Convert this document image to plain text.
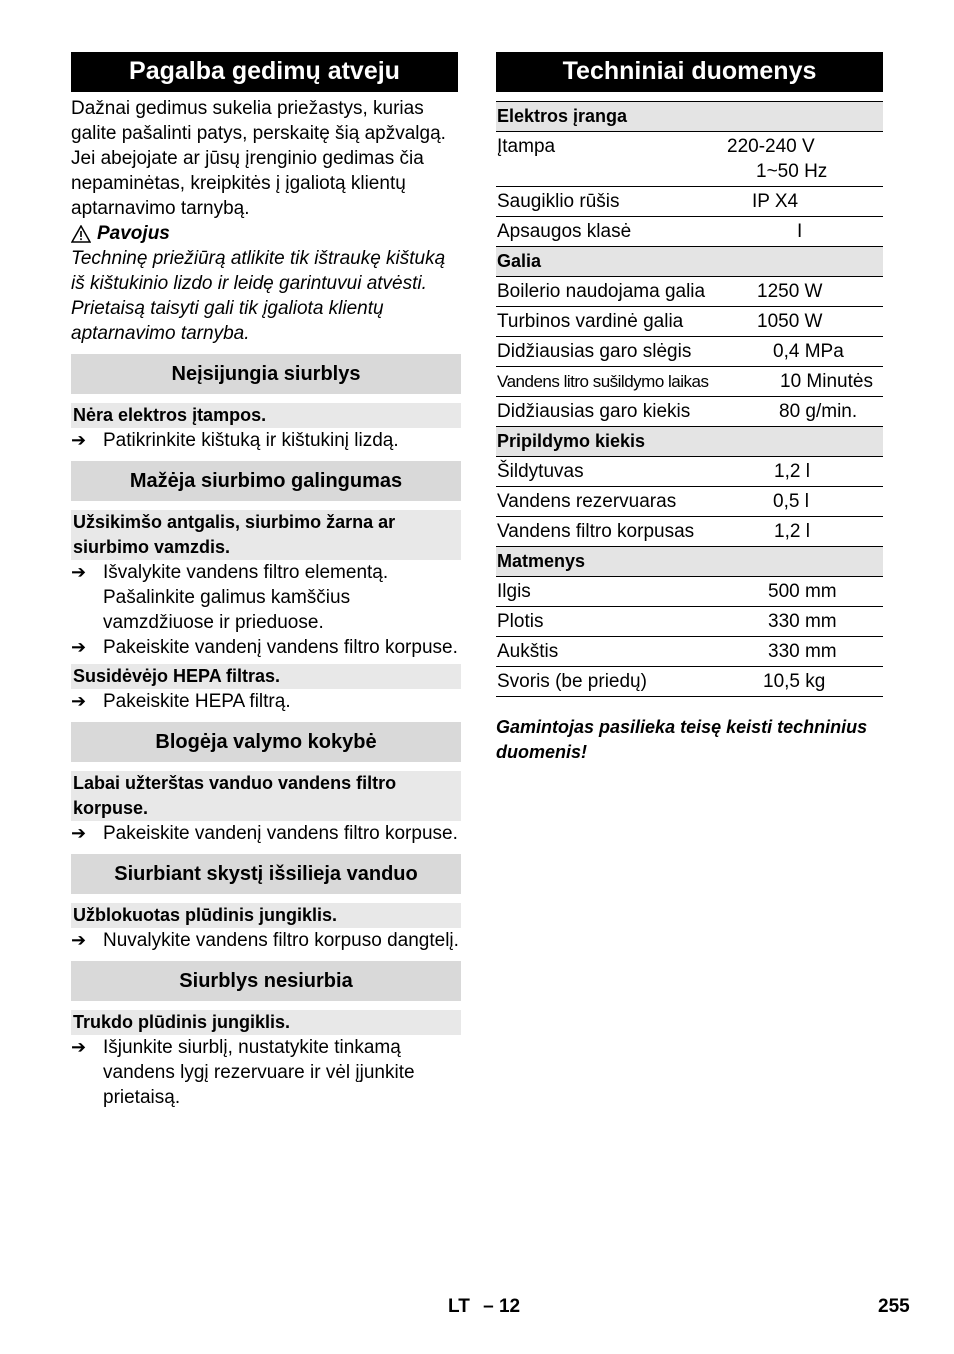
Pagalba gedimų atveju

Dažnai gedimus sukelia priežastys, kurias galite pašalinti patys, perskaitę šią apžvalgą. Jei abejojate ar jūsų įrenginio gedimas čia nepaminėtas, kreipkitės į įgaliotą klientų aptarnavimo tarnybą.

Pavojus

Techninę priežiūrą atlikite tik ištraukę kištuką iš kištukinio lizdo ir leidę garintuvui atvėsti.

Prietaisą taisyti gali tik įgaliota klientų aptarnavimo tarnyba.

Neįsijungia siurblys
Nėra elektros įtampos.
➔ Patikrinkite kištuką ir kištukinį lizdą.
Mažėja siurbimo galingumas
Užsikimšo antgalis, siurbimo žarna ar siurbimo vamzdis.
➔ Išvalykite vandens filtro elementą. Pašalinkite galimus kamščius vamzdžiuose ir prieduose.
➔ Pakeiskite vandenį vandens filtro korpuse.
Susidėvėjo HEPA filtras.
➔ Pakeiskite HEPA filtrą.
Blogėja valymo kokybė
Labai užterštas vanduo vandens filtro korpuse.
➔ Pakeiskite vandenį vandens filtro korpuse.
Siurbiant skystį išsilieja vanduo
Užblokuotas plūdinis jungiklis.
➔ Nuvalykite vandens filtro korpuso dangtelį.
Siurblys nesiurbia
Trukdo plūdinis jungiklis.
➔ Išjunkite siurblį, nustatykite tinkamą vandens lygį rezervuare ir vėl įjunkite prietaisą.
Techniniai duomenys
Elektros įranga	
Įtampa	220-240 V
1~50 Hz

Saugiklio rūšis	IP X4
Apsaugos klasė	I
Galia	
Boilerio naudojama galia	1250 W
Turbinos vardinė galia	1050 W
Didžiausias garo slėgis	0,4 MPa
Vandens litro sušildymo laikas	10 Minutės
Didžiausias garo kiekis	80 g/min.
Pripildymo kiekis	
Šildytuvas	1,2 l
Vandens rezervuaras	0,5 l
Vandens filtro korpusas	1,2 l
Matmenys	
Ilgis	500 mm
Plotis	330 mm
Aukštis	330 mm
Svoris (be priedų)	10,5 kg
Gamintojas pasilieka teisę keisti techninius duomenis!
LT – 12	255
